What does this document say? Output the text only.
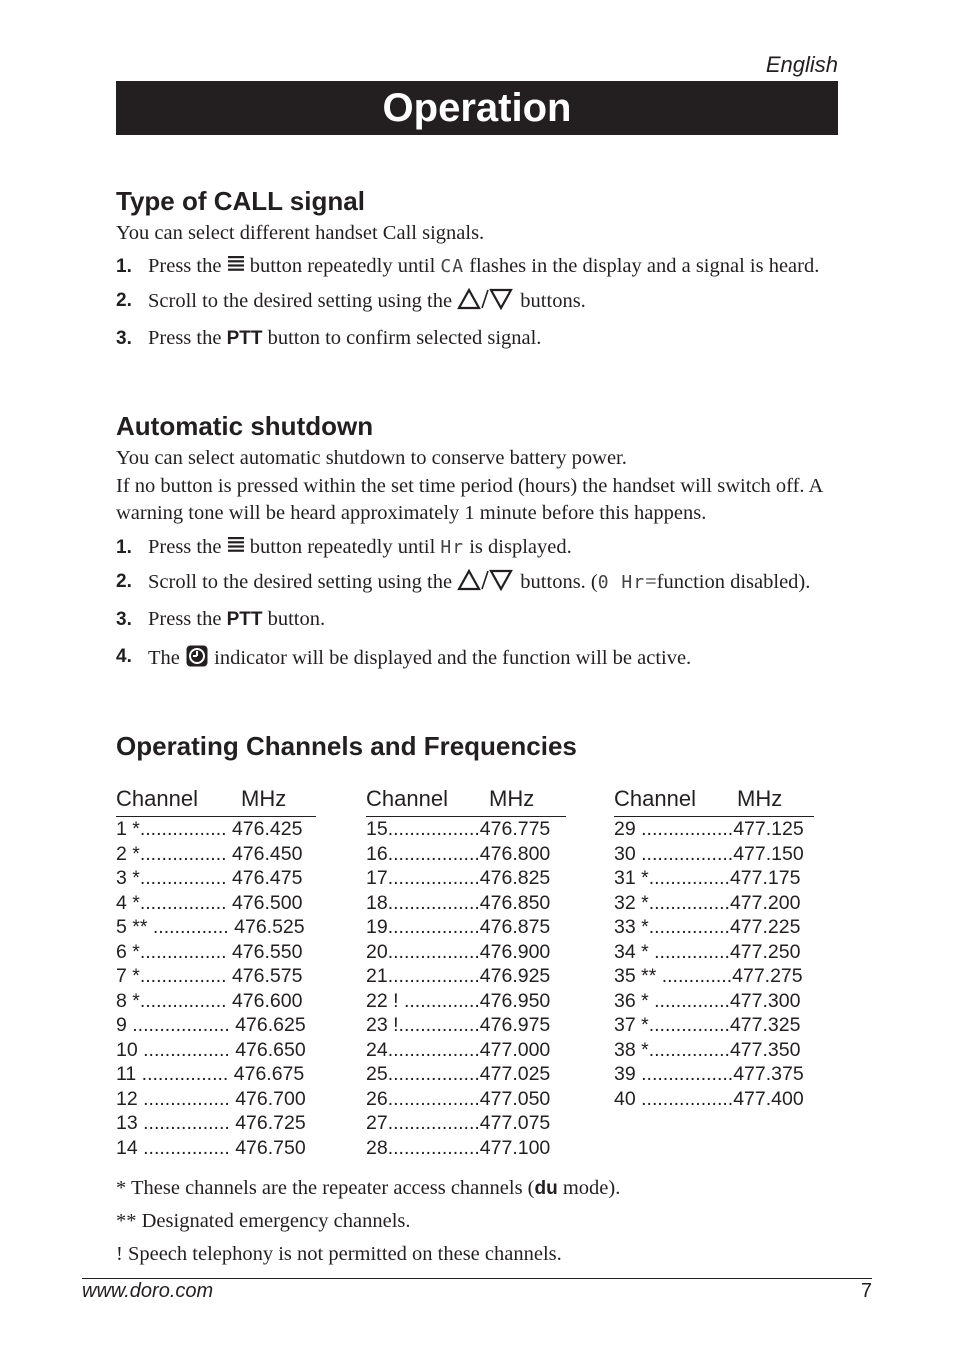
English
Operation
Type of CALL signal

You can select different handset Call signals.

1. Press the button repeatedly until CA flashes in the display and a signal is heard.
2. Scroll to the desired setting using the	buttons.
3. Press the PTT button to confirm selected signal.
Automatic shutdown

You can select automatic shutdown to conserve battery power.

If no button is pressed within the set time period (hours) the handset will switch off. A warning tone will be heard approximately 1 minute before this happens.

1. Press the button repeatedly until Hr is displayed.
2. Scroll to the desired setting using the	buttons. (0 Hr=function disabled).
3. Press the PTT button.
4. The indicator will be displayed and the function will be active.
Operating Channels and Frequencies
Channel MHz
1 *................ 476.425
2 *................ 476.450
3 *................ 476.475
4 *................ 476.500
5 ** .............. 476.525
6 *................ 476.550
7 *................ 476.575
8 *................ 476.600
9 .................. 476.625
10 ................ 476.650
11 ................ 476.675
12 ................ 476.700
13 ................ 476.725
14 ................ 476.750
Channel MHz
15.................476.775
16.................476.800
17.................476.825
18.................476.850
19.................476.875
20.................476.900
21.................476.925
22 ! ..............476.950
23 !...............476.975
24.................477.000
25.................477.025
26.................477.050
27.................477.075
28.................477.100
Channel MHz
29 .................477.125
30 .................477.150
31 *...............477.175
32 *...............477.200
33 *...............477.225
34 * ..............477.250
35 ** .............477.275
36 * ..............477.300
37 *...............477.325
38 *...............477.350
39 .................477.375
40 .................477.400

* These channels are the repeater access channels (du mode).

** Designated emergency channels.

! Speech telephony is not permitted on these channels.

www.doro.com	7
